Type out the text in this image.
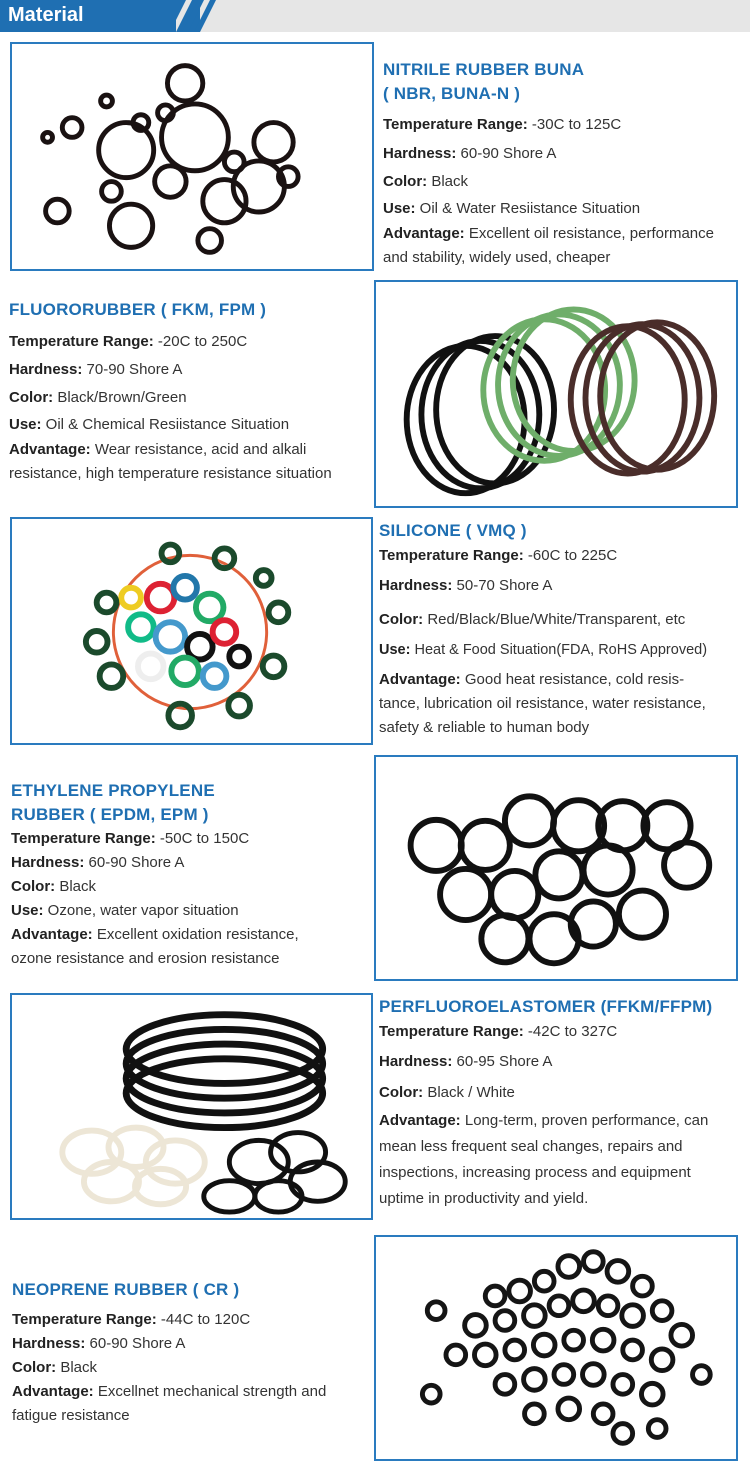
Material
NITRILE RUBBER BUNA
( NBR, BUNA-N )
Temperature Range: -30C to 125C
Hardness: 60-90 Shore A
Color: Black
Use: Oil & Water Resiistance Situation
Advantage: Excellent oil resistance, performance
and stability, widely used, cheaper
FLUORORUBBER ( FKM, FPM )
Temperature Range: -20C to 250C
Hardness: 70-90 Shore A
Color: Black/Brown/Green
Use: Oil & Chemical Resiistance Situation
Advantage: Wear resistance, acid and alkali
resistance, high temperature resistance situation
SILICONE ( VMQ )
Temperature Range: -60C to 225C
Hardness: 50-70 Shore A
Color: Red/Black/Blue/White/Transparent, etc
Use: Heat & Food Situation(FDA, RoHS Approved)
Advantage: Good heat resistance, cold resis-
tance, lubrication oil resistance, water resistance,
safety & reliable to human body
ETHYLENE PROPYLENE
RUBBER ( EPDM, EPM )
Temperature Range: -50C to 150C
Hardness: 60-90 Shore A
Color: Black
Use: Ozone, water vapor situation
Advantage: Excellent oxidation resistance,
ozone resistance and erosion resistance
PERFLUOROELASTOMER (FFKM/FFPM)
Temperature Range: -42C to 327C
Hardness: 60-95 Shore A
Color: Black / White
Advantage: Long-term, proven performance, can
mean less frequent seal changes, repairs and
inspections, increasing process and equipment
uptime in productivity and yield.
NEOPRENE RUBBER ( CR )
Temperature Range: -44C to 120C
Hardness: 60-90 Shore A
Color: Black
Advantage: Excellnet mechanical strength and
fatigue resistance
